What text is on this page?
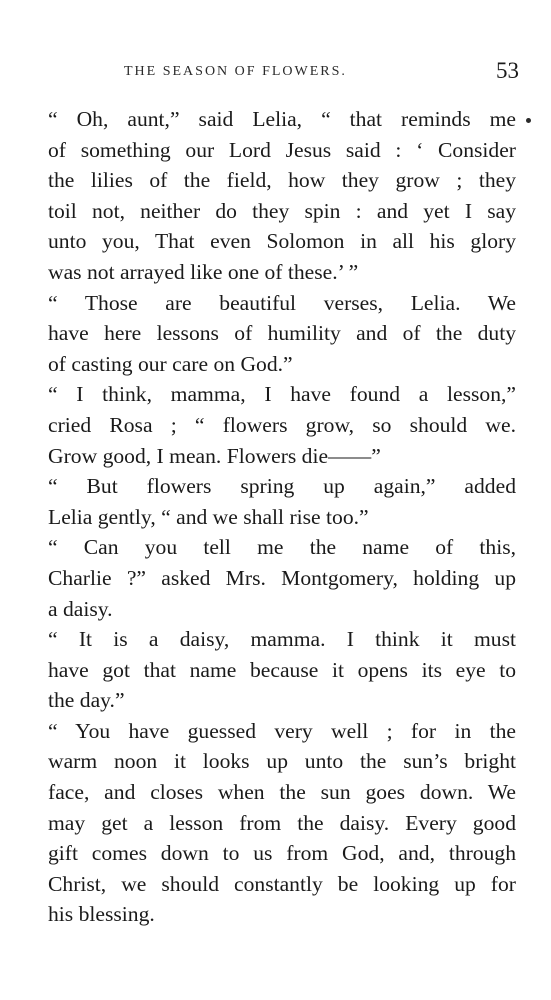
THE SEASON OF FLOWERS.	53

“ Oh, aunt,” said Lelia, “ that reminds me
of something our Lord Jesus said : ‘ Consider
the lilies of the field, how they grow ; they
toil not, neither do they spin : and yet I say
unto you, That even Solomon in all his glory
was not arrayed like one of these.’ ”

“ Those are beautiful verses, Lelia. We
have here lessons of humility and of the duty
of casting our care on God.”

“ I think, mamma, I have found a lesson,”
cried Rosa ; “ flowers grow, so should we.
Grow good, I mean. Flowers die——”

“ But flowers spring up again,” added
Lelia gently, “ and we shall rise too.”

“ Can you tell me the name of this,
Charlie ?” asked Mrs. Montgomery, holding up
a daisy.

“ It is a daisy, mamma. I think it must
have got that name because it opens its eye to
the day.”

“ You have guessed very well ; for in the
warm noon it looks up unto the sun’s bright
face, and closes when the sun goes down. We
may get a lesson from the daisy. Every good
gift comes down to us from God, and, through
Christ, we should constantly be looking up for
his blessing.
